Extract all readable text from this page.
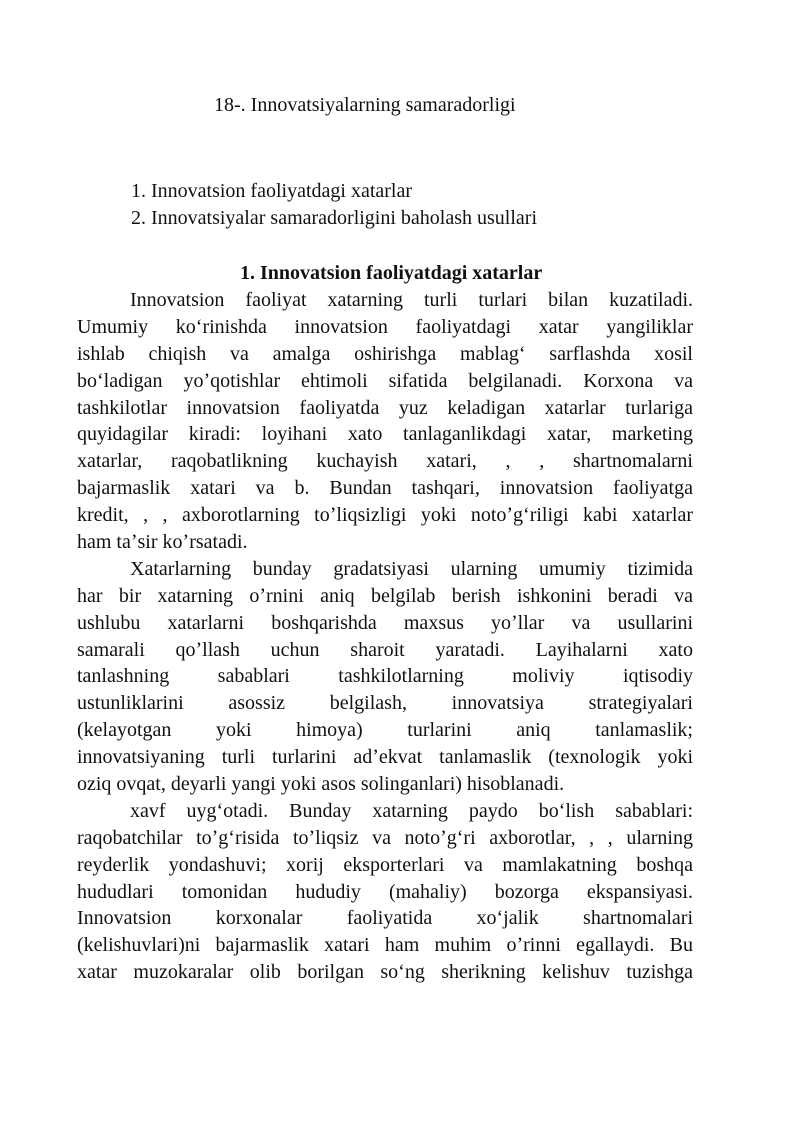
18-. Innovatsiyalarning samaradorligi
1. Innovatsion faoliyatdagi xatarlar
2. Innovatsiyalar samaradorligini baholash usullari
1. Innovatsion faoliyatdagi xatarlar
Innovatsion faoliyat xatarning turli turlari bilan kuzatiladi.
Umumiy koʻrinishda innovatsion faoliyatdagi xatar yangiliklar
ishlab chiqish va amalga oshirishga mablagʻ sarflashda xosil
boʻladigan yoʼqotishlar ehtimoli sifatida belgilanadi. Korxona va
tashkilotlar innovatsion faoliyatda yuz keladigan xatarlar turlariga
quyidagilar kiradi: loyihani xato tanlaganlikdagi xatar, marketing
xatarlar, raqobatlikning kuchayish xatari, , , shartnomalarni
bajarmaslik xatari va b. Bundan tashqari, innovatsion faoliyatga
kredit, , , axborotlarning toʼliqsizligi yoki notoʼgʻriligi kabi xatarlar
ham taʼsir koʼrsatadi.
Xatarlarning bunday gradatsiyasi ularning umumiy tizimida
har bir xatarning oʼrnini aniq belgilab berish ishkonini beradi va
ushlubu xatarlarni boshqarishda maxsus yoʼllar va usullarini
samarali qoʼllash uchun sharoit yaratadi. Layihalarni xato
tanlashning sabablari tashkilotlarning moliviy iqtisodiy
ustunliklarini asossiz belgilash, innovatsiya strategiyalari
(kelayotgan yoki himoya) turlarini aniq tanlamaslik;
innovatsiyaning turli turlarini adʼekvat tanlamaslik (texnologik yoki
oziq ovqat, deyarli yangi yoki asos solinganlari) hisoblanadi.
xavf uygʻotadi. Bunday xatarning paydo boʻlish sabablari:
raqobatchilar toʼgʻrisida toʼliqsiz va notoʼgʻri axborotlar, , , ularning
reyderlik yondashuvi; xorij eksporterlari va mamlakatning boshqa
hududlari tomonidan hududiy (mahaliy) bozorga ekspansiyasi.
Innovatsion korxonalar faoliyatida xoʻjalik shartnomalari
(kelishuvlari)ni bajarmaslik xatari ham muhim oʼrinni egallaydi. Bu
xatar muzokaralar olib borilgan soʻng sherikning kelishuv tuzishga
